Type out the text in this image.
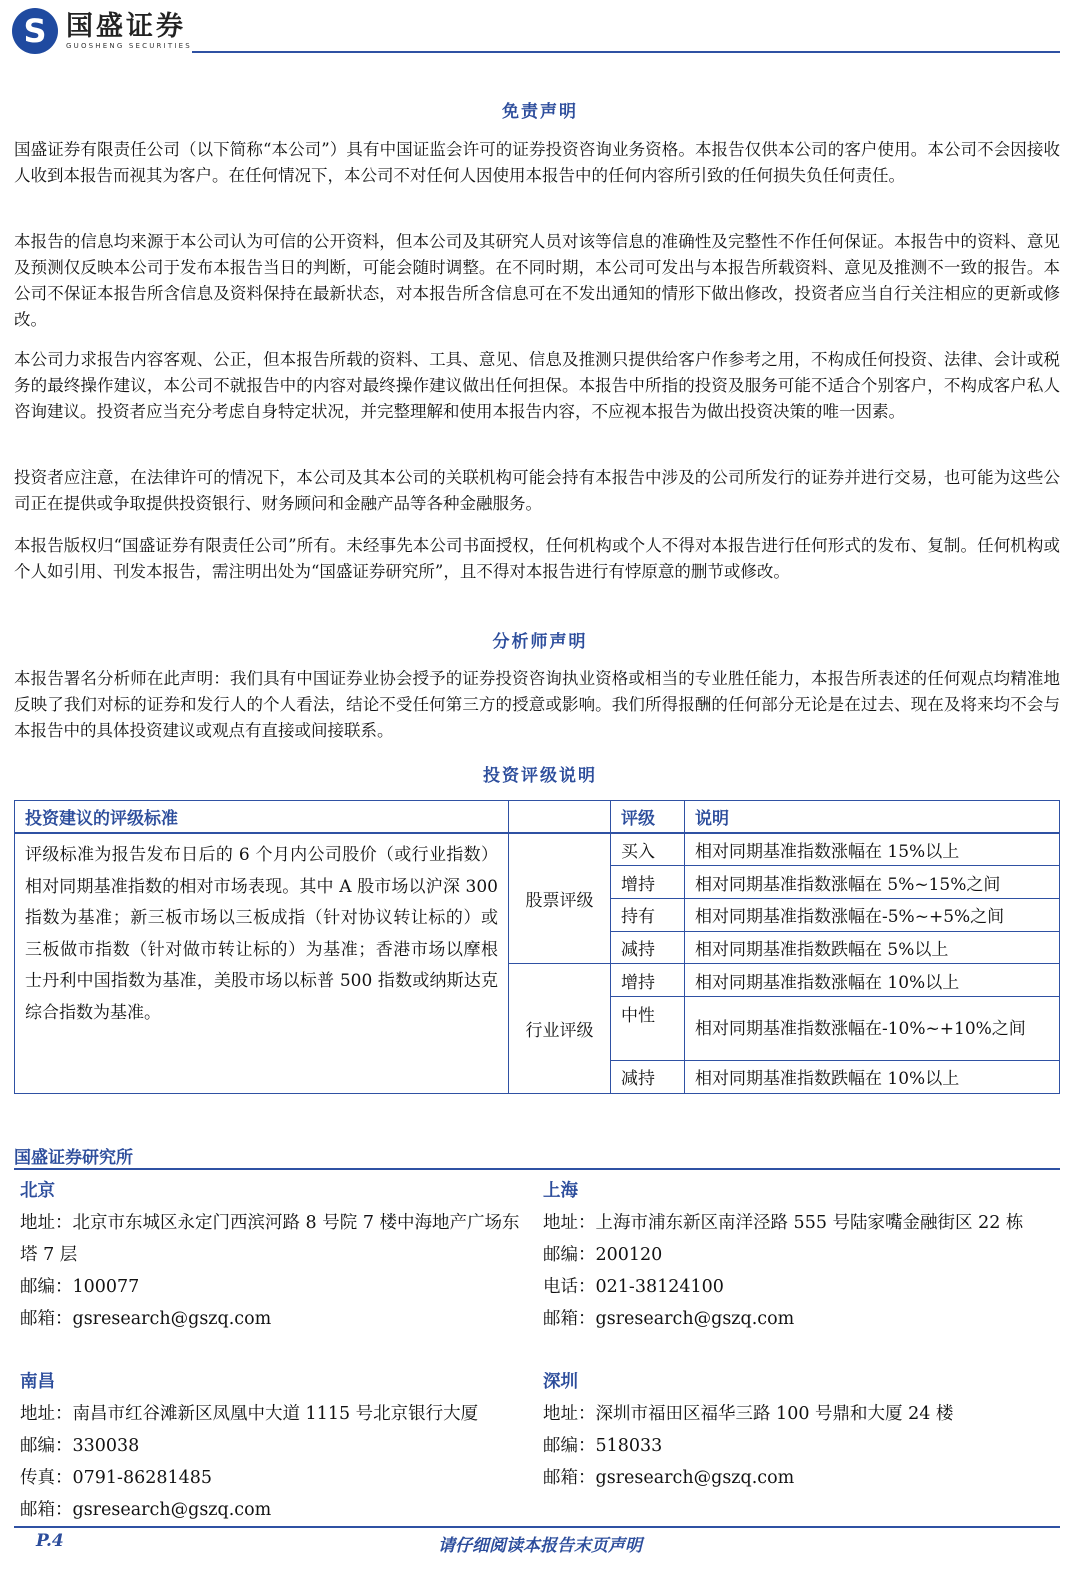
S 国盛证券
GUOSHENG SECURITIES
免责声明

国盛证券有限责任公司（以下简称“本公司”）具有中国证监会许可的证券投资咨询业务资格。本报告仅供本公司的客户使用。本公司不会因接收人收到本报告而视其为客户。在任何情况下，本公司不对任何人因使用本报告中的任何内容所引致的任何损失负任何责任。

本报告的信息均来源于本公司认为可信的公开资料，但本公司及其研究人员对该等信息的准确性及完整性不作任何保证。本报告中的资料、意见及预测仅反映本公司于发布本报告当日的判断，可能会随时调整。在不同时期，本公司可发出与本报告所载资料、意见及推测不一致的报告。本公司不保证本报告所含信息及资料保持在最新状态，对本报告所含信息可在不发出通知的情形下做出修改，投资者应当自行关注相应的更新或修改。

本公司力求报告内容客观、公正，但本报告所载的资料、工具、意见、信息及推测只提供给客户作参考之用，不构成任何投资、法律、会计或税务的最终操作建议，本公司不就报告中的内容对最终操作建议做出任何担保。本报告中所指的投资及服务可能不适合个别客户，不构成客户私人咨询建议。投资者应当充分考虑自身特定状况，并完整理解和使用本报告内容，不应视本报告为做出投资决策的唯一因素。

投资者应注意，在法律许可的情况下，本公司及其本公司的关联机构可能会持有本报告中涉及的公司所发行的证券并进行交易，也可能为这些公司正在提供或争取提供投资银行、财务顾问和金融产品等各种金融服务。

本报告版权归“国盛证券有限责任公司”所有。未经事先本公司书面授权，任何机构或个人不得对本报告进行任何形式的发布、复制。任何机构或个人如引用、刊发本报告，需注明出处为“国盛证券研究所”，且不得对本报告进行有悖原意的删节或修改。

分析师声明

本报告署名分析师在此声明：我们具有中国证券业协会授予的证券投资咨询执业资格或相当的专业胜任能力，本报告所表述的任何观点均精准地反映了我们对标的证券和发行人的个人看法，结论不受任何第三方的授意或影响。我们所得报酬的任何部分无论是在过去、现在及将来均不会与本报告中的具体投资建议或观点有直接或间接联系。

投资评级说明
投资建议的评级标准		评级	说明
评级标准为报告发布日后的 6 个月内公司股价（或行业指数）相对同期基准指数的相对市场表现。其中 A 股市场以沪深 300 指数为基准；新三板市场以三板成指（针对协议转让标的）或三板做市指数（针对做市转让标的）为基准；香港市场以摩根士丹利中国指数为基准，美股市场以标普 500 指数或纳斯达克综合指数为基准。	股票评级	买入	相对同期基准指数涨幅在 15%以上
		增持	相对同期基准指数涨幅在 5%~15%之间
		持有	相对同期基准指数涨幅在-5%~+5%之间
		减持	相对同期基准指数跌幅在 5%以上
	行业评级	增持	相对同期基准指数涨幅在 10%以上
		中性	相对同期基准指数涨幅在-10%~+10%之间
		减持	相对同期基准指数跌幅在 10%以上
国盛证券研究所
北京
地址：北京市东城区永定门西滨河路 8 号院 7 楼中海地产广场东塔 7 层
邮编：100077
邮箱：gsresearch@gszq.com
上海
地址：上海市浦东新区南洋泾路 555 号陆家嘴金融街区 22 栋
邮编：200120
电话：021-38124100
邮箱：gsresearch@gszq.com
南昌
地址：南昌市红谷滩新区凤凰中大道 1115 号北京银行大厦
邮编：330038
传真：0791-86281485
邮箱：gsresearch@gszq.com
深圳
地址：深圳市福田区福华三路 100 号鼎和大厦 24 楼
邮编：518033
邮箱：gsresearch@gszq.com
请仔细阅读本报告末页声明
P.4
